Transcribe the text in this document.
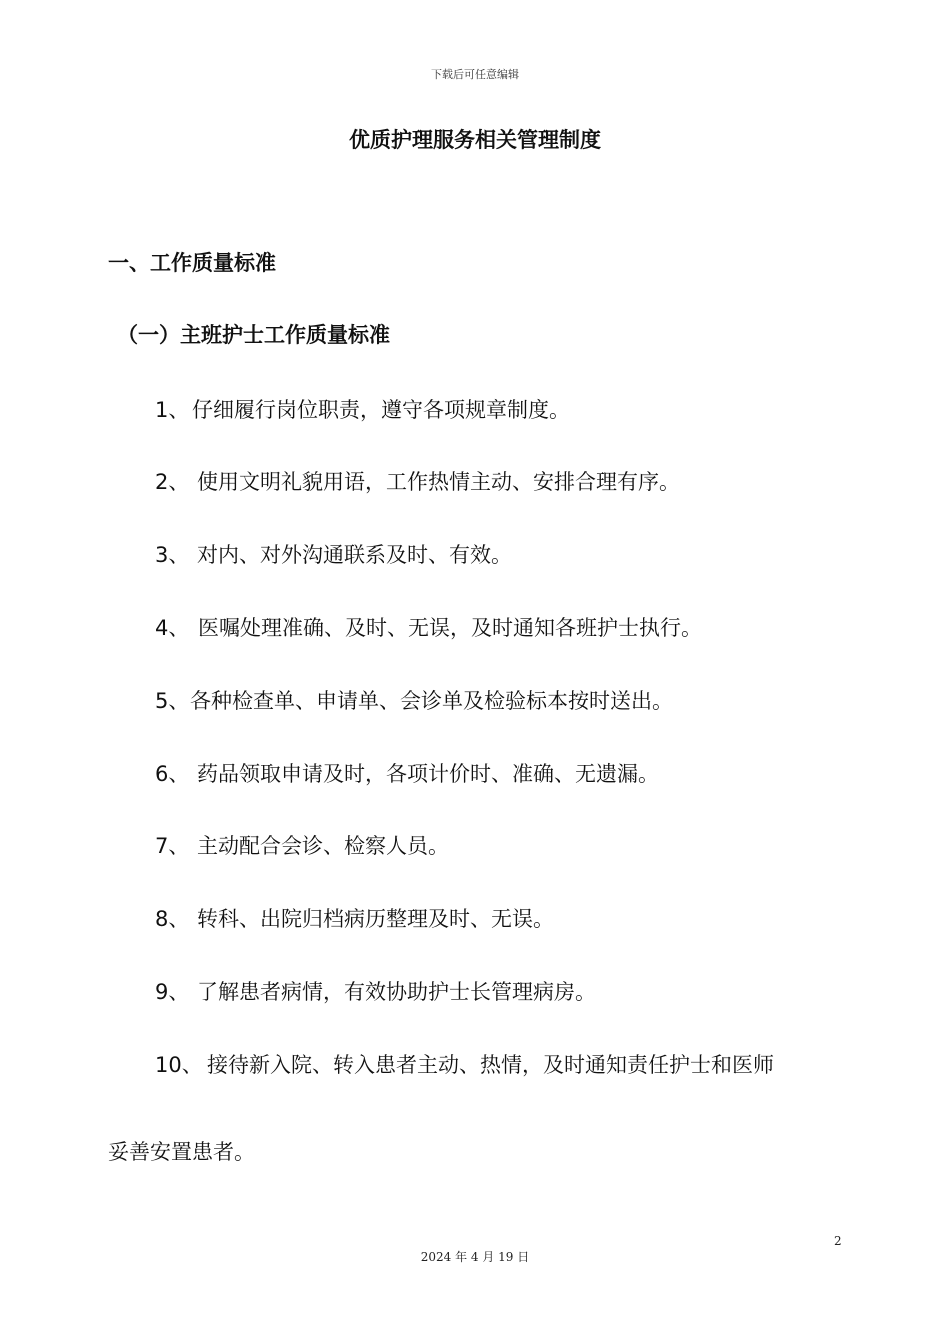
下载后可任意编辑
优质护理服务相关管理制度
一、工作质量标准
（一）主班护士工作质量标准

1、 仔细履行岗位职责，遵守各项规章制度。

2、 使用文明礼貌用语，工作热情主动、安排合理有序。

3、 对内、对外沟通联系及时、有效。

4、 医嘱处理准确、及时、无误，及时通知各班护士执行。

5、各种检查单、申请单、会诊单及检验标本按时送出。

6、 药品领取申请及时，各项计价时、准确、无遗漏。

7、 主动配合会诊、检察人员。

8、 转科、出院归档病历整理及时、无误。

9、 了解患者病情，有效协助护士长管理病房。

10、 接待新入院、转入患者主动、热情，及时通知责任护士和医师

妥善安置患者。

2
2024 年 4 月 19 日
